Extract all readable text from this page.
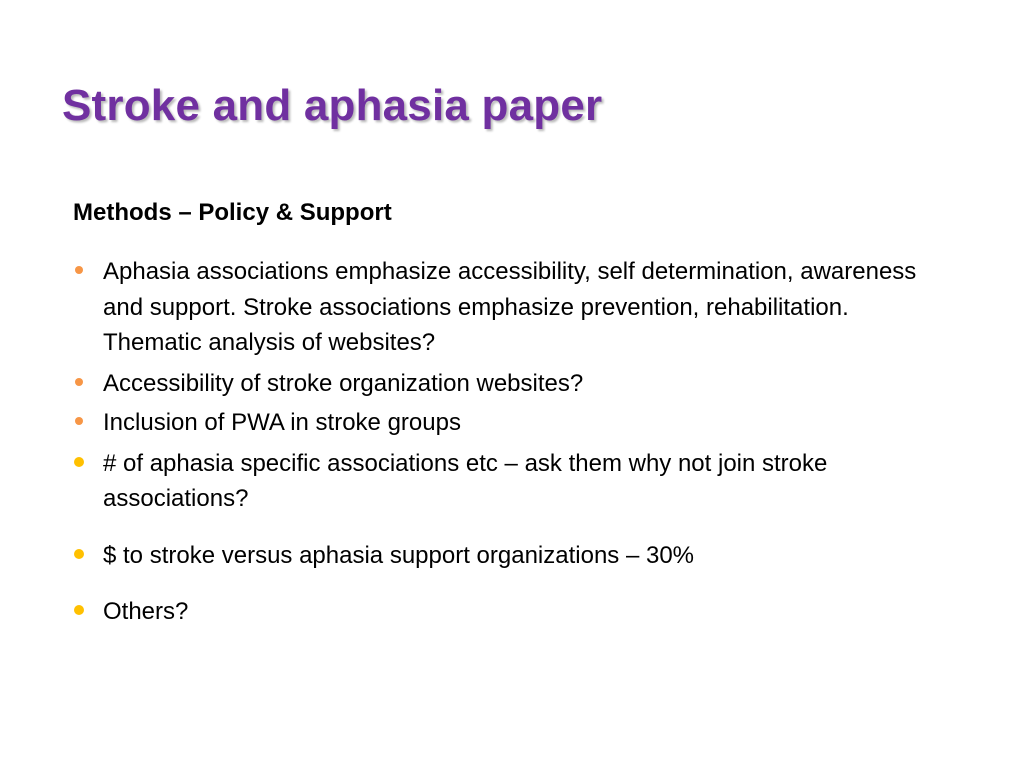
Stroke and aphasia paper

Methods – Policy & Support

Aphasia associations emphasize accessibility, self determination, awareness and support. Stroke associations emphasize prevention, rehabilitation. Thematic analysis of websites?
Accessibility of stroke organization websites?
Inclusion of PWA in stroke groups
# of aphasia specific associations etc – ask them why not join stroke associations?
$ to stroke versus aphasia support organizations – 30%
Others?
